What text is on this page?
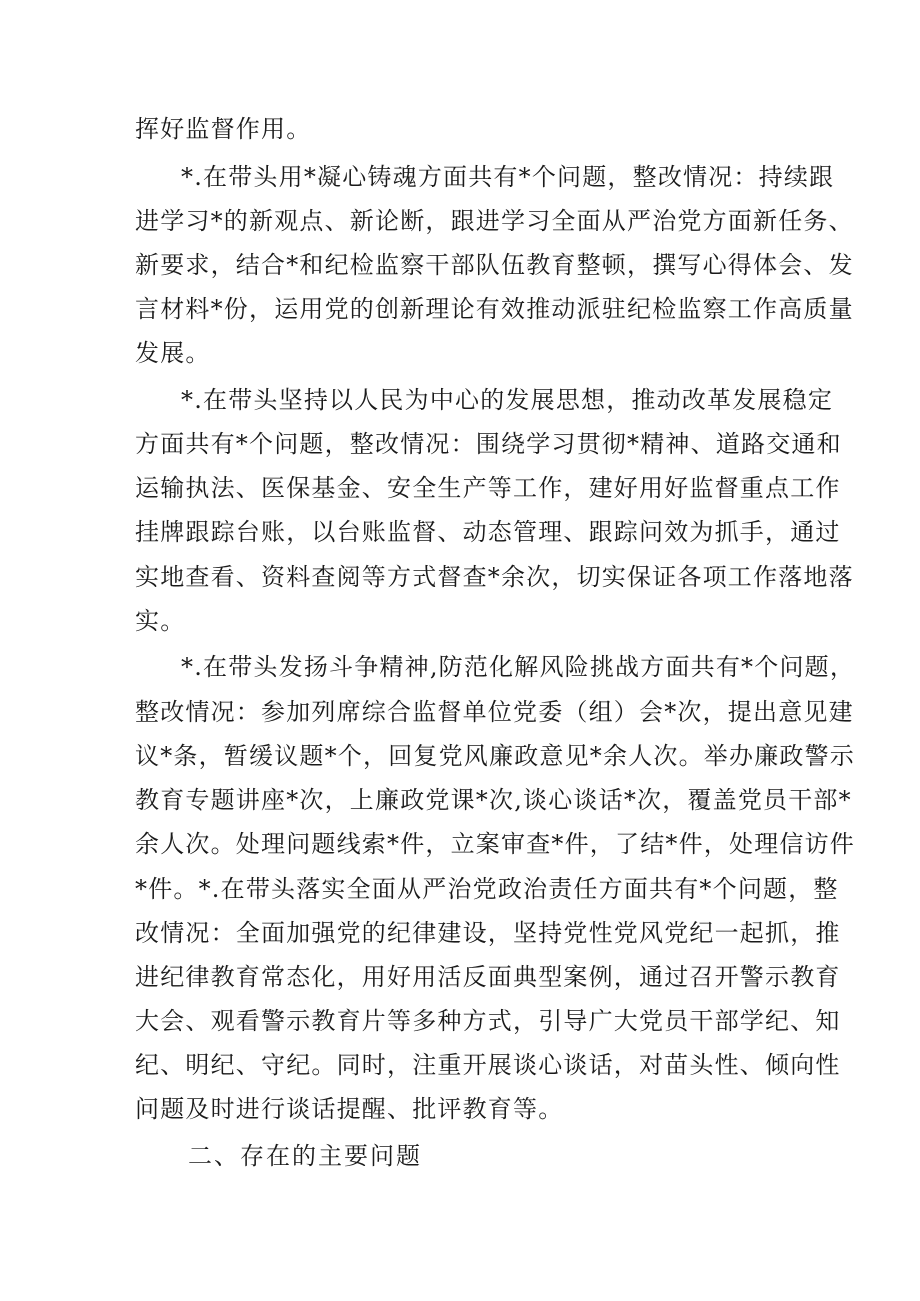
挥好监督作用。
*.在带头用*凝心铸魂方面共有*个问题，整改情况：持续跟
进学习*的新观点、新论断，跟进学习全面从严治党方面新任务、
新要求，结合*和纪检监察干部队伍教育整顿，撰写心得体会、发
言材料*份，运用党的创新理论有效推动派驻纪检监察工作高质量
发展。
*.在带头坚持以人民为中心的发展思想，推动改革发展稳定
方面共有*个问题，整改情况：围绕学习贯彻*精神、道路交通和
运输执法、医保基金、安全生产等工作，建好用好监督重点工作
挂牌跟踪台账，以台账监督、动态管理、跟踪问效为抓手，通过
实地查看、资料查阅等方式督查*余次，切实保证各项工作落地落
实。
*.在带头发扬斗争精神,防范化解风险挑战方面共有*个问题，
整改情况：参加列席综合监督单位党委（组）会*次，提出意见建
议*条，暂缓议题*个，回复党风廉政意见*余人次。举办廉政警示
教育专题讲座*次，上廉政党课*次,谈心谈话*次，覆盖党员干部*
余人次。处理问题线索*件，立案审查*件，了结*件，处理信访件
*件。*.在带头落实全面从严治党政治责任方面共有*个问题，整
改情况：全面加强党的纪律建设，坚持党性党风党纪一起抓，推
进纪律教育常态化，用好用活反面典型案例，通过召开警示教育
大会、观看警示教育片等多种方式，引导广大党员干部学纪、知
纪、明纪、守纪。同时，注重开展谈心谈话，对苗头性、倾向性
问题及时进行谈话提醒、批评教育等。
二、存在的主要问题
